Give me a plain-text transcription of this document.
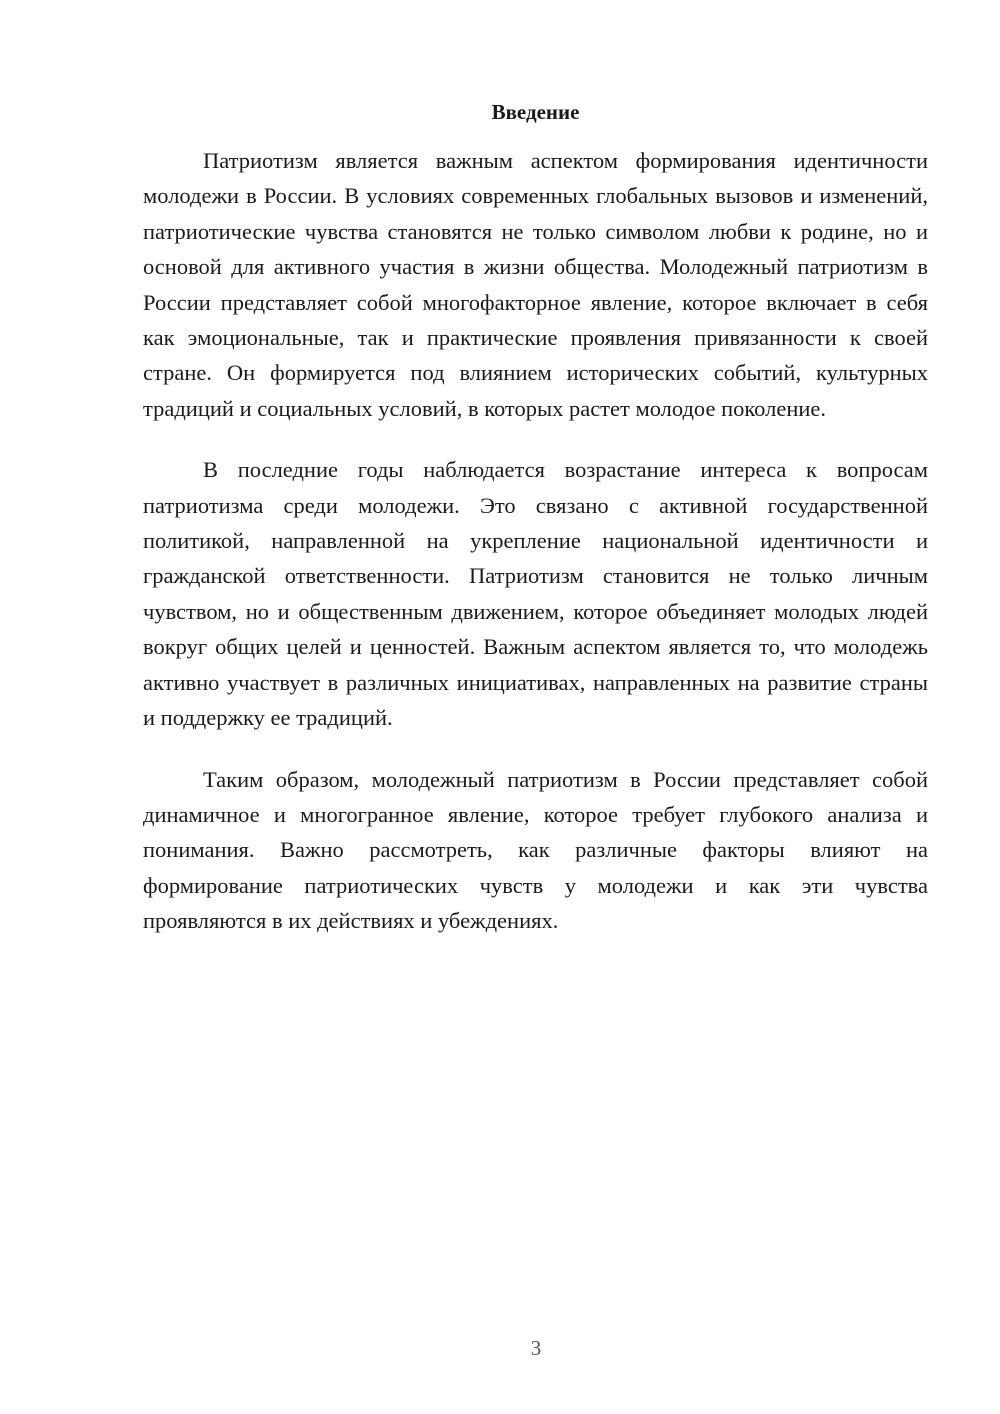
Введение

Патриотизм является важным аспектом формирования идентичности молодежи в России. В условиях современных глобальных вызовов и изменений, патриотические чувства становятся не только символом любви к родине, но и основой для активного участия в жизни общества. Молодежный патриотизм в России представляет собой многофакторное явление, которое включает в себя как эмоциональные, так и практические проявления привязанности к своей стране. Он формируется под влиянием исторических событий, культурных традиций и социальных условий, в которых растет молодое поколение.

В последние годы наблюдается возрастание интереса к вопросам патриотизма среди молодежи. Это связано с активной государственной политикой, направленной на укрепление национальной идентичности и гражданской ответственности. Патриотизм становится не только личным чувством, но и общественным движением, которое объединяет молодых людей вокруг общих целей и ценностей. Важным аспектом является то, что молодежь активно участвует в различных инициативах, направленных на развитие страны и поддержку ее традиций.

Таким образом, молодежный патриотизм в России представляет собой динамичное и многогранное явление, которое требует глубокого анализа и понимания. Важно рассмотреть, как различные факторы влияют на формирование патриотических чувств у молодежи и как эти чувства проявляются в их действиях и убеждениях.

3
